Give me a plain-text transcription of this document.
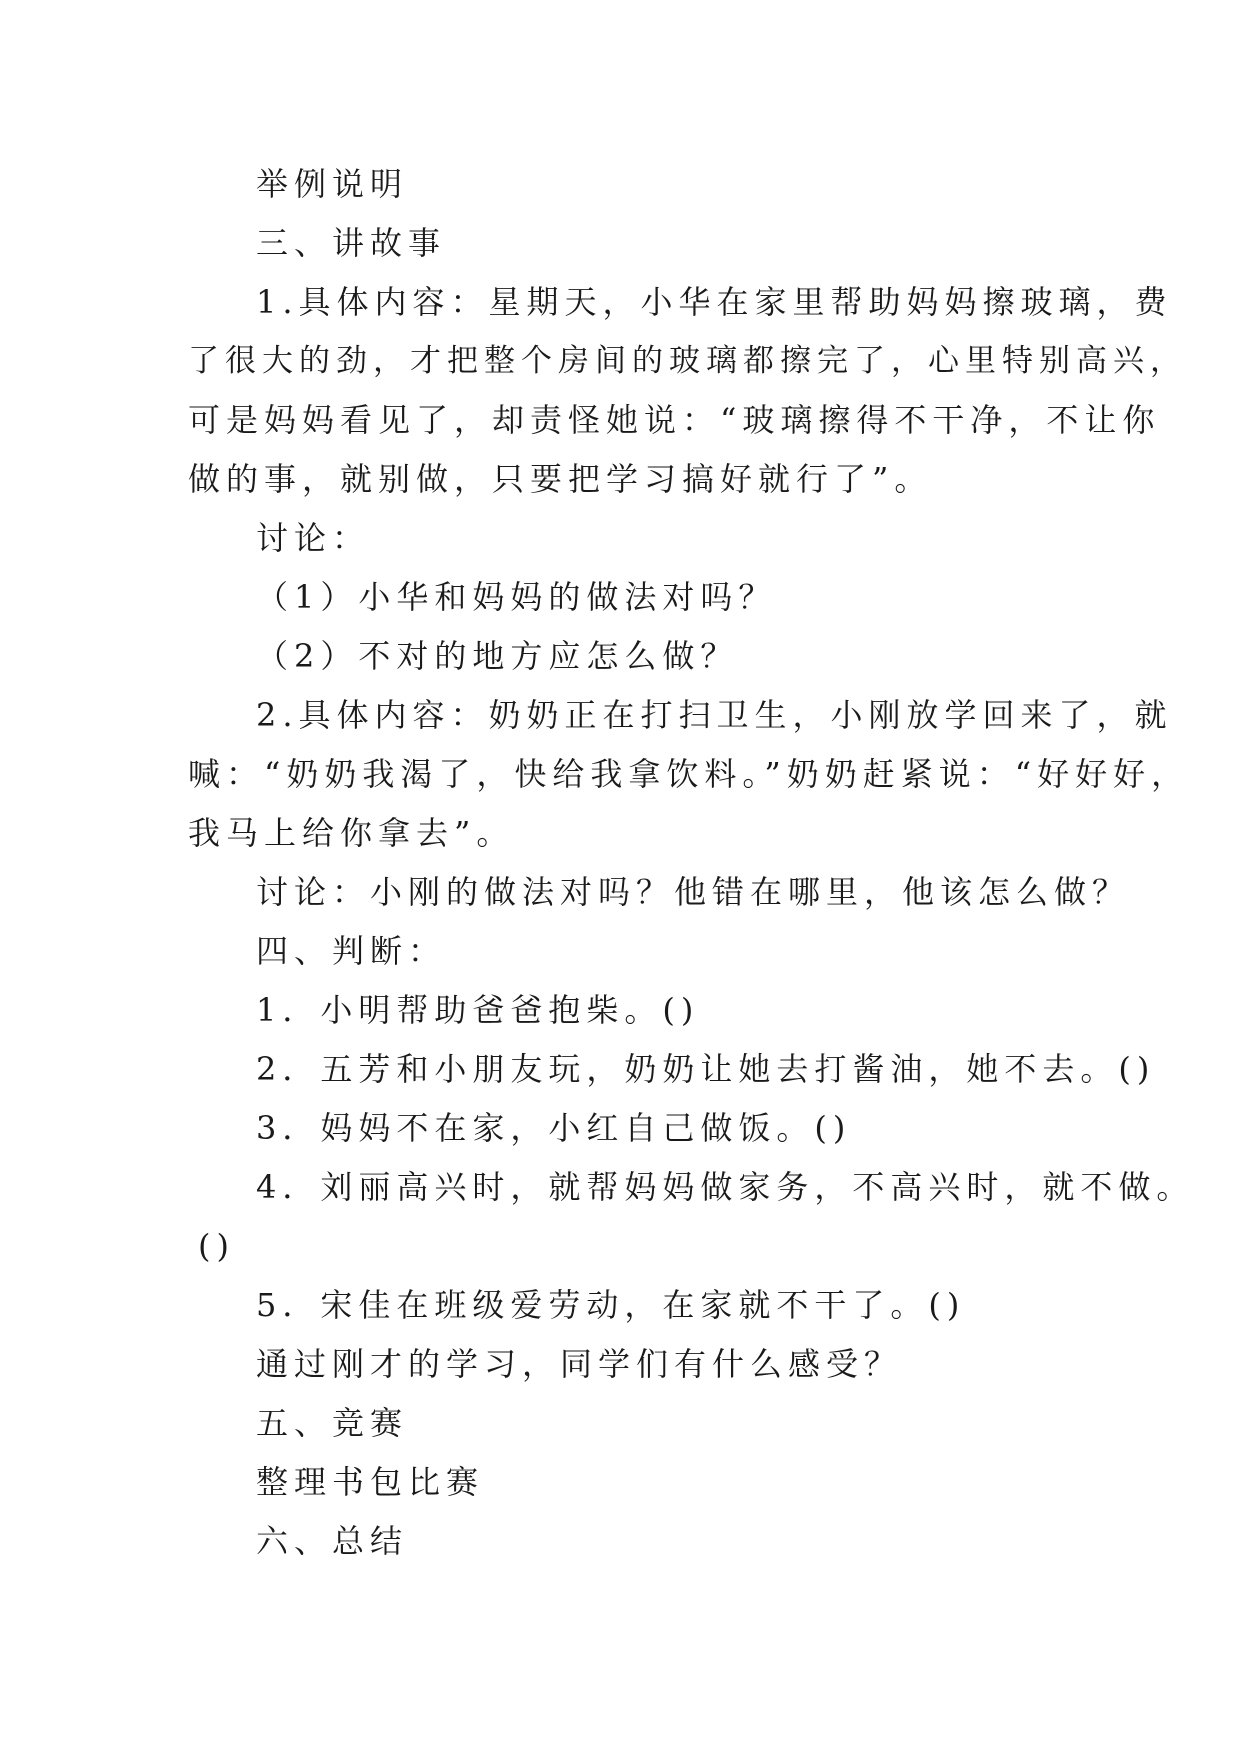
举例说明
三、讲故事
1.具体内容：星期天，小华在家里帮助妈妈擦玻璃，费
了很大的劲，才把整个房间的玻璃都擦完了，心里特别高兴，
可是妈妈看见了，却责怪她说：“玻璃擦得不干净，不让你
做的事，就别做，只要把学习搞好就行了”。
讨论：
（1）小华和妈妈的做法对吗？
（2）不对的地方应怎么做？
2.具体内容：奶奶正在打扫卫生，小刚放学回来了，就
喊：“奶奶我渴了，快给我拿饮料。”奶奶赶紧说：“好好好，
我马上给你拿去”。
讨论：小刚的做法对吗？他错在哪里，他该怎么做？
四、判断：
1．小明帮助爸爸抱柴。()
2．五芳和小朋友玩，奶奶让她去打酱油，她不去。()
3．妈妈不在家，小红自己做饭。()
4．刘丽高兴时，就帮妈妈做家务，不高兴时，就不做。
()
5．宋佳在班级爱劳动，在家就不干了。()
通过刚才的学习，同学们有什么感受？
五、竞赛
整理书包比赛
六、总结
